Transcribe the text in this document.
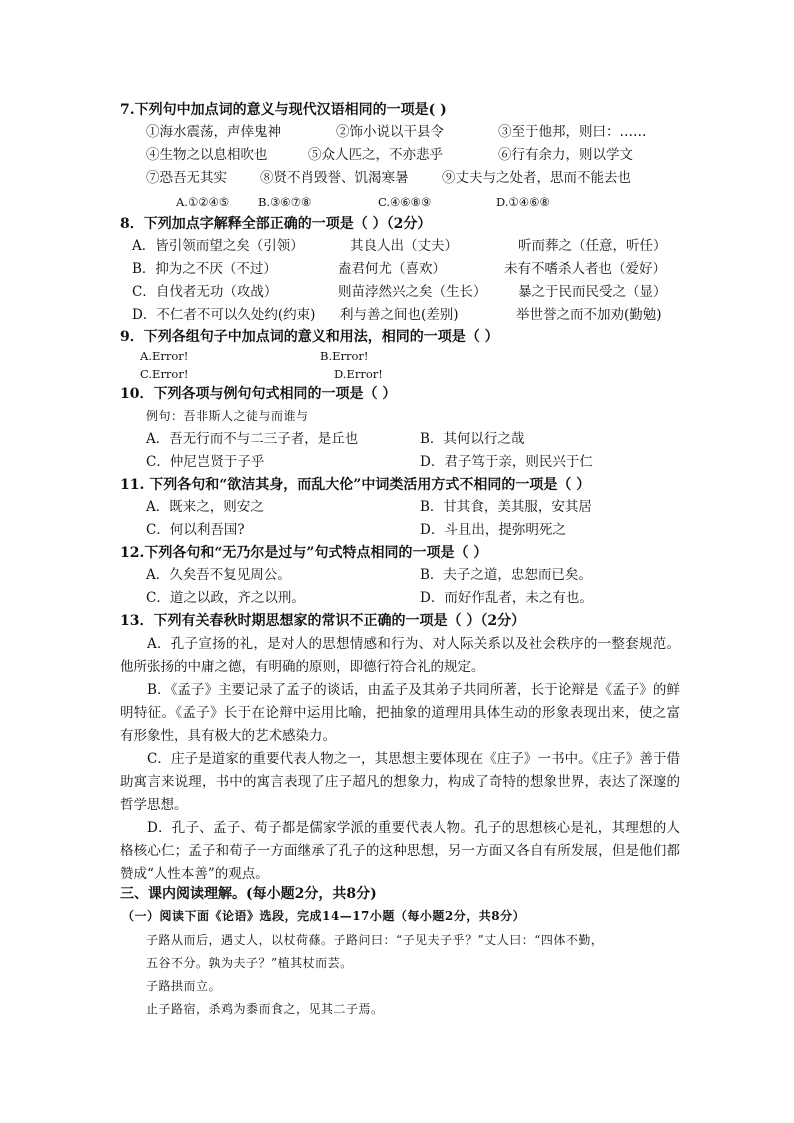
7.下列句中加点词的意义与现代汉语相同的一项是( )
①海水震荡，声倖鬼神	②饰小说以干县令	③至于他邦，则曰：……
④生物之以息相吹也	⑤众人匹之，不亦悲乎	⑥行有余力，则以学文
⑦恐吾无其实 ⑧贤不肖毁誉、饥渴寒暑 ⑨丈夫与之处者，思而不能去也
A.①②④⑤	B.③⑥⑦⑧	C.④⑥⑧⑨	D.①④⑥⑧
8．下列加点字解释全部正确的一项是（ ）（2分）
A．皆引领而望之矣（引领）	其良人出（丈夫）	听而葬之（任意，听任）
B．抑为之不厌（不过）	盍君何尤（喜欢）	未有不嗜杀人者也（爱好）
C．自伐者无功（攻战）	则苗浡然兴之矣（生长） 暴之于民而民受之（显）
D．不仁者不可以久处约(约束) 利与善之间也(差别)	举世誉之而不加劝(勤勉)
9．下列各组句子中加点词的意义和用法，相同的一项是（ ）
A.Error!	B.Error!
C.Error!	D.Error!
10．下列各项与例句句式相同的一项是（ ）
例句：吾非斯人之徒与而谁与
A．吾无行而不与二三子者，是丘也	B．其何以行之哉
C．仲尼岂贤于子乎	D．君子笃于亲，则民兴于仁
11. 下列各句和“欲洁其身，而乱大伦”中词类活用方式不相同的一项是（ ）
A．既来之，则安之	B．甘其食，美其服，安其居
C．何以利吾国?	D．斗且出，提弥明死之
12.下列各句和“无乃尔是过与”句式特点相同的一项是（ ）
A．久矣吾不复见周公。	B．夫子之道，忠恕而已矣。
C．道之以政，齐之以刑。	D．而好作乱者，未之有也。
13．下列有关春秋时期思想家的常识不正确的一项是（ ）（2分）
A．孔子宣扬的礼，是对人的思想情感和行为、对人际关系以及社会秩序的一整套规范。他所张扬的中庸之德，有明确的原则，即德行符合礼的规定。
B．《孟子》主要记录了孟子的谈话，由孟子及其弟子共同所著，长于论辩是《孟子》的鲜明特征。《孟子》长于在论辩中运用比喻，把抽象的道理用具体生动的形象表现出来，使之富有形象性，具有极大的艺术感染力。
C．庄子是道家的重要代表人物之一，其思想主要体现在《庄子》一书中。《庄子》善于借助寓言来说理，书中的寓言表现了庄子超凡的想象力，构成了奇特的想象世界，表达了深邃的哲学思想。
D．孔子、孟子、荀子都是儒家学派的重要代表人物。孔子的思想核心是礼，其理想的人格核心仁；孟子和荀子一方面继承了孔子的这种思想，另一方面又各自有所发展，但是他们都赞成“人性本善”的观点。
三、课内阅读理解。(每小题2分，共8分)
（一）阅读下面《论语》选段，完成14—17小题（每小题2分，共8分）
子路从而后，遇丈人，以杖荷蓧。子路问曰：“子见夫子乎？”丈人曰：“四体不勤，
五谷不分。孰为夫子？”植其杖而芸。
子路拱而立。
止子路宿，杀鸡为黍而食之，见其二子焉。
